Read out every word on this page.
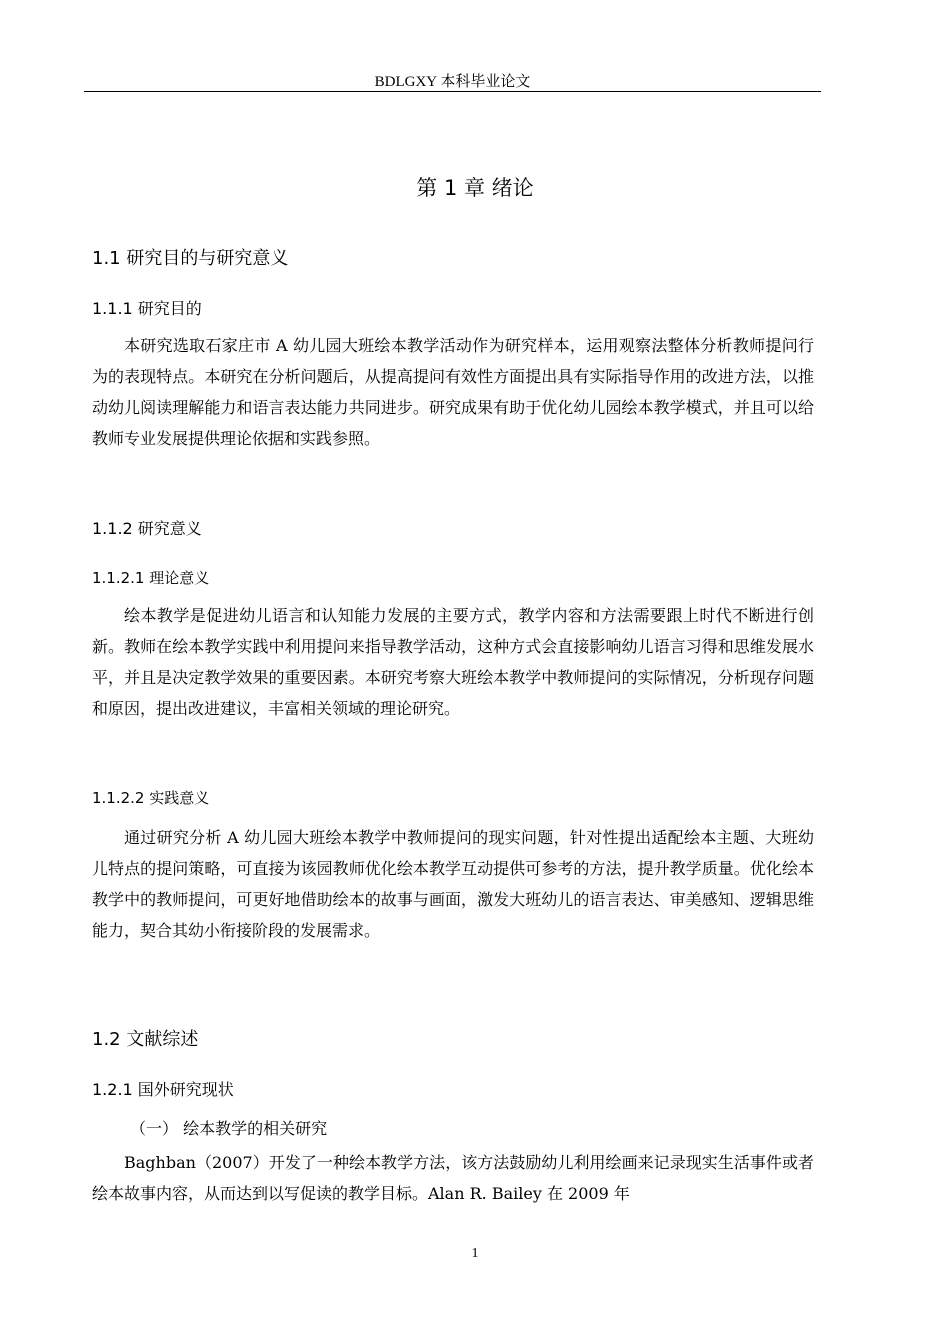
BDLGXY 本科毕业论文
第 1 章 绪论
1.1 研究目的与研究意义
1.1.1 研究目的

本研究选取石家庄市 A 幼儿园大班绘本教学活动作为研究样本，运用观察法整体分析教师提问行为的表现特点。本研究在分析问题后，从提高提问有效性方面提出具有实际指导作用的改进方法，以推动幼儿阅读理解能力和语言表达能力共同进步。研究成果有助于优化幼儿园绘本教学模式，并且可以给教师专业发展提供理论依据和实践参照。

1.1.2 研究意义
1.1.2.1 理论意义

绘本教学是促进幼儿语言和认知能力发展的主要方式，教学内容和方法需要跟上时代不断进行创新。教师在绘本教学实践中利用提问来指导教学活动，这种方式会直接影响幼儿语言习得和思维发展水平，并且是决定教学效果的重要因素。本研究考察大班绘本教学中教师提问的实际情况，分析现存问题和原因，提出改进建议，丰富相关领域的理论研究。

1.1.2.2 实践意义

通过研究分析 A 幼儿园大班绘本教学中教师提问的现实问题，针对性提出适配绘本主题、大班幼儿特点的提问策略，可直接为该园教师优化绘本教学互动提供可参考的方法，提升教学质量。优化绘本教学中的教师提问，可更好地借助绘本的故事与画面，激发大班幼儿的语言表达、审美感知、逻辑思维能力，契合其幼小衔接阶段的发展需求。

1.2 文献综述
1.2.1 国外研究现状
（一） 绘本教学的相关研究

Baghban（2007）开发了一种绘本教学方法，该方法鼓励幼儿利用绘画来记录现实生活事件或者绘本故事内容，从而达到以写促读的教学目标。Alan R. Bailey 在 2009 年

1
